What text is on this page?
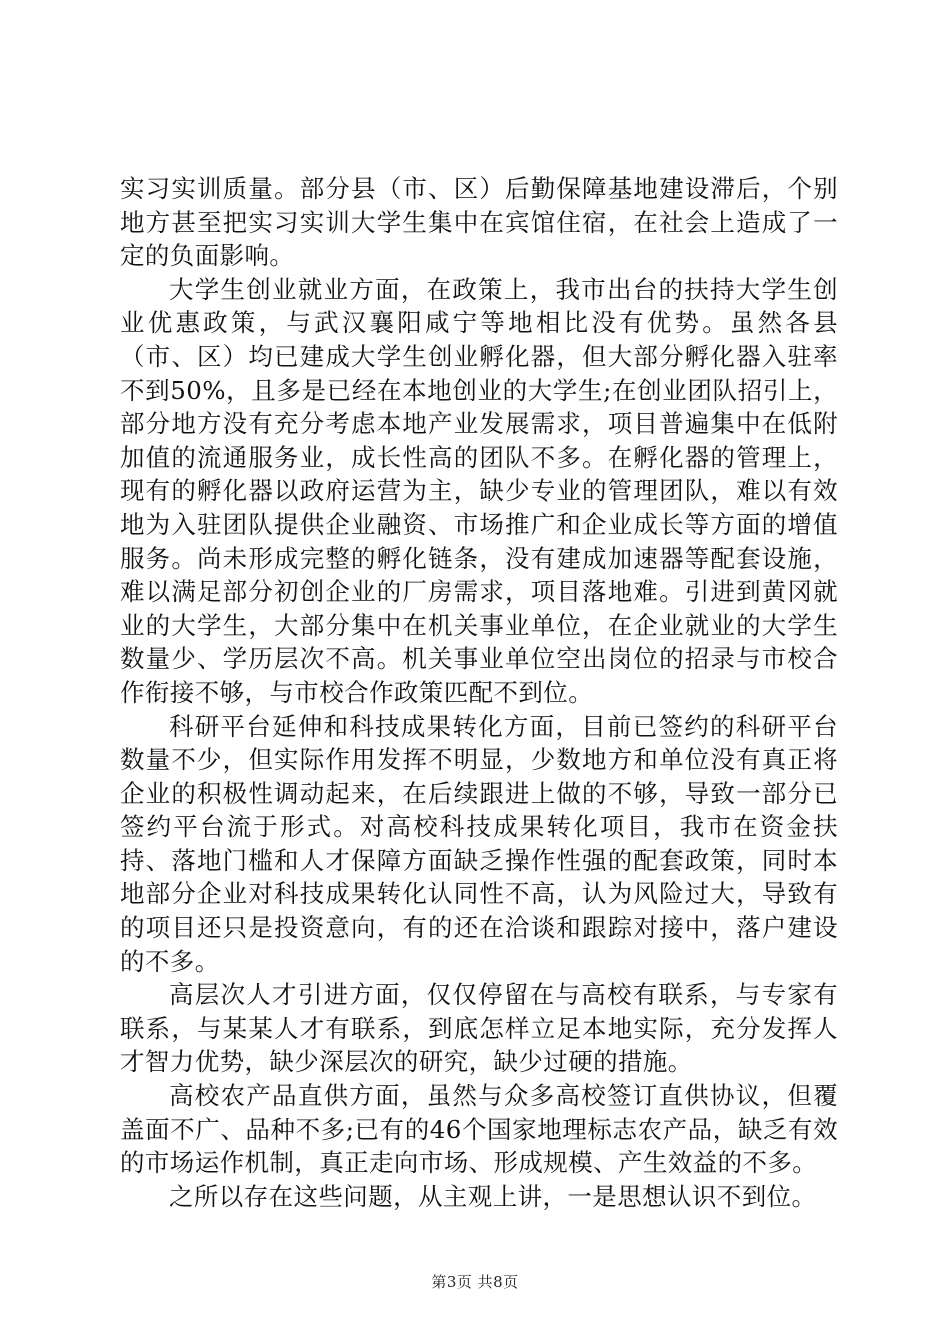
实习实训质量。部分县（市、区）后勤保障基地建设滞后，个别地方甚至把实习实训大学生集中在宾馆住宿，在社会上造成了一定的负面影响。

大学生创业就业方面，在政策上，我市出台的扶持大学生创业优惠政策，与武汉襄阳咸宁等地相比没有优势。虽然各县（市、区）均已建成大学生创业孵化器，但大部分孵化器入驻率不到50%，且多是已经在本地创业的大学生;在创业团队招引上，部分地方没有充分考虑本地产业发展需求，项目普遍集中在低附加值的流通服务业，成长性高的团队不多。在孵化器的管理上，现有的孵化器以政府运营为主，缺少专业的管理团队，难以有效地为入驻团队提供企业融资、市场推广和企业成长等方面的增值服务。尚未形成完整的孵化链条，没有建成加速器等配套设施，难以满足部分初创企业的厂房需求，项目落地难。引进到黄冈就业的大学生，大部分集中在机关事业单位，在企业就业的大学生数量少、学历层次不高。机关事业单位空出岗位的招录与市校合作衔接不够，与市校合作政策匹配不到位。

科研平台延伸和科技成果转化方面，目前已签约的科研平台数量不少，但实际作用发挥不明显，少数地方和单位没有真正将企业的积极性调动起来，在后续跟进上做的不够，导致一部分已签约平台流于形式。对高校科技成果转化项目，我市在资金扶持、落地门槛和人才保障方面缺乏操作性强的配套政策，同时本地部分企业对科技成果转化认同性不高，认为风险过大，导致有的项目还只是投资意向，有的还在洽谈和跟踪对接中，落户建设的不多。

高层次人才引进方面，仅仅停留在与高校有联系，与专家有联系，与某某人才有联系，到底怎样立足本地实际，充分发挥人才智力优势，缺少深层次的研究，缺少过硬的措施。

高校农产品直供方面，虽然与众多高校签订直供协议，但覆盖面不广、品种不多;已有的46个国家地理标志农产品，缺乏有效的市场运作机制，真正走向市场、形成规模、产生效益的不多。

之所以存在这些问题，从主观上讲，一是思想认识不到位。

第3页 共8页
